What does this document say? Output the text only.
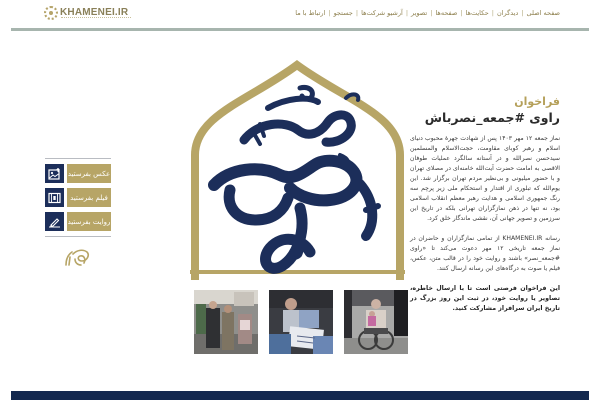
KHAMENEI.IR	صفحه اصلی
|
دیدگران
|
حکایت‌ها
|
صفحه‌ها
|
تصویر
|
آرشیو شرکت‌ها
|
جستجو
|
ارتباط با ما
عکس بفرستید
فیلم بفرستید
روایت بفرستید
فراخوان
راوی #جمعه_نصرباش

نماز جمعه ۱۲ مهر ۱۴۰۳ پس از شهادت جهرهٔ محبوب دنیای اسلام و رهبر کوبای مقاومت، حجت‌الاسلام والمسلمین سیدحسن نصرالله و در آستانه سالگرد عملیات طوفان الاقصی به امامت حضرت آیت‌الله خامنه‌ای در مصلای تهران و با حضور میلیونی و بی‌نظیر مردم تهران برگزار شد. این یوم‌الله که تبلوری از اقتدار و استحکام ملی زیر پرچم سه رنگ جمهوری اسلامی و هدایت رهبر معظم انقلاب اسلامی بود، نه تنها در ذهن نمازگزاران تهرانی بلکه در تاریخ این سرزمین و تصویر جهانی آن، نقشی ماندگار خلق کرد.

رسانه KHAMENEI.IR از تمامی نمازگزاران و حاضران در نماز جمعه تاریخی ۱۲ مهر دعوت می‌کند تا «راوی #جمعه_نصر» باشند و روایت خود را در قالب متن، عکس، فیلم یا صوت به درگاه‌های این رسانه ارسال کنند.

این فراخوان فرصتی است تا با ارسال خاطره، تصاویر یا روایت خود، در ثبت این روز بزرگ در تاریخ ایران سرافراز مشارکت کنید.
